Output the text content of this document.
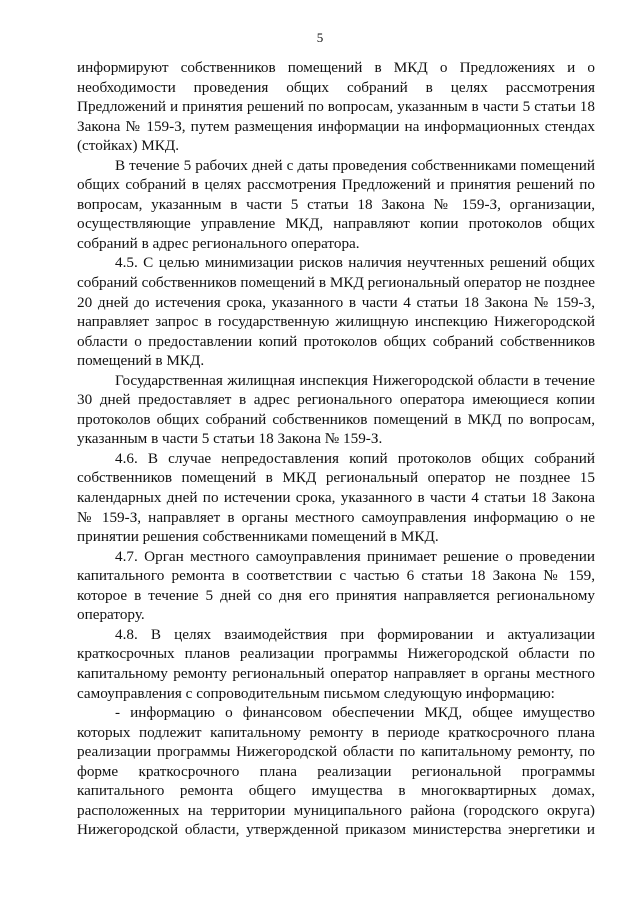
5

информируют собственников помещений в МКД о Предложениях и о необходимости проведения общих собраний в целях рассмотрения Предложений и принятия решений по вопросам, указанным в части 5 статьи 18 Закона № 159-З, путем размещения информации на информационных стендах (стойках) МКД.

В течение 5 рабочих дней с даты проведения собственниками помещений общих собраний в целях рассмотрения Предложений и принятия решений по вопросам, указанным в части 5 статьи 18 Закона № 159-З, организации, осуществляющие управление МКД, направляют копии протоколов общих собраний в адрес регионального оператора.

4.5. С целью минимизации рисков наличия неучтенных решений общих собраний собственников помещений в МКД региональный оператор не позднее 20 дней до истечения срока, указанного в части 4 статьи 18 Закона № 159-З, направляет запрос в государственную жилищную инспекцию Нижегородской области о предоставлении копий протоколов общих собраний собственников помещений в МКД.

Государственная жилищная инспекция Нижегородской области в течение 30 дней предоставляет в адрес регионального оператора имеющиеся копии протоколов общих собраний собственников помещений в МКД по вопросам, указанным в части 5 статьи 18 Закона № 159-З.

4.6. В случае непредоставления копий протоколов общих собраний собственников помещений в МКД региональный оператор не позднее 15 календарных дней по истечении срока, указанного в части 4 статьи 18 Закона № 159-З, направляет в органы местного самоуправления информацию о не принятии решения собственниками помещений в МКД.

4.7. Орган местного самоуправления принимает решение о проведении капитального ремонта в соответствии с частью 6 статьи 18 Закона № 159, которое в течение 5 дней со дня его принятия направляется региональному оператору.

4.8. В целях взаимодействия при формировании и актуализации краткосрочных планов реализации программы Нижегородской области по капитальному ремонту региональный оператор направляет в органы местного самоуправления с сопроводительным письмом следующую информацию:

- информацию о финансовом обеспечении МКД, общее имущество которых подлежит капитальному ремонту в периоде краткосрочного плана реализации программы Нижегородской области по капитальному ремонту, по форме краткосрочного плана реализации региональной программы капитального ремонта общего имущества в многоквартирных домах, расположенных на территории муниципального района (городского округа) Нижегородской области, утвержденной приказом министерства энергетики и
